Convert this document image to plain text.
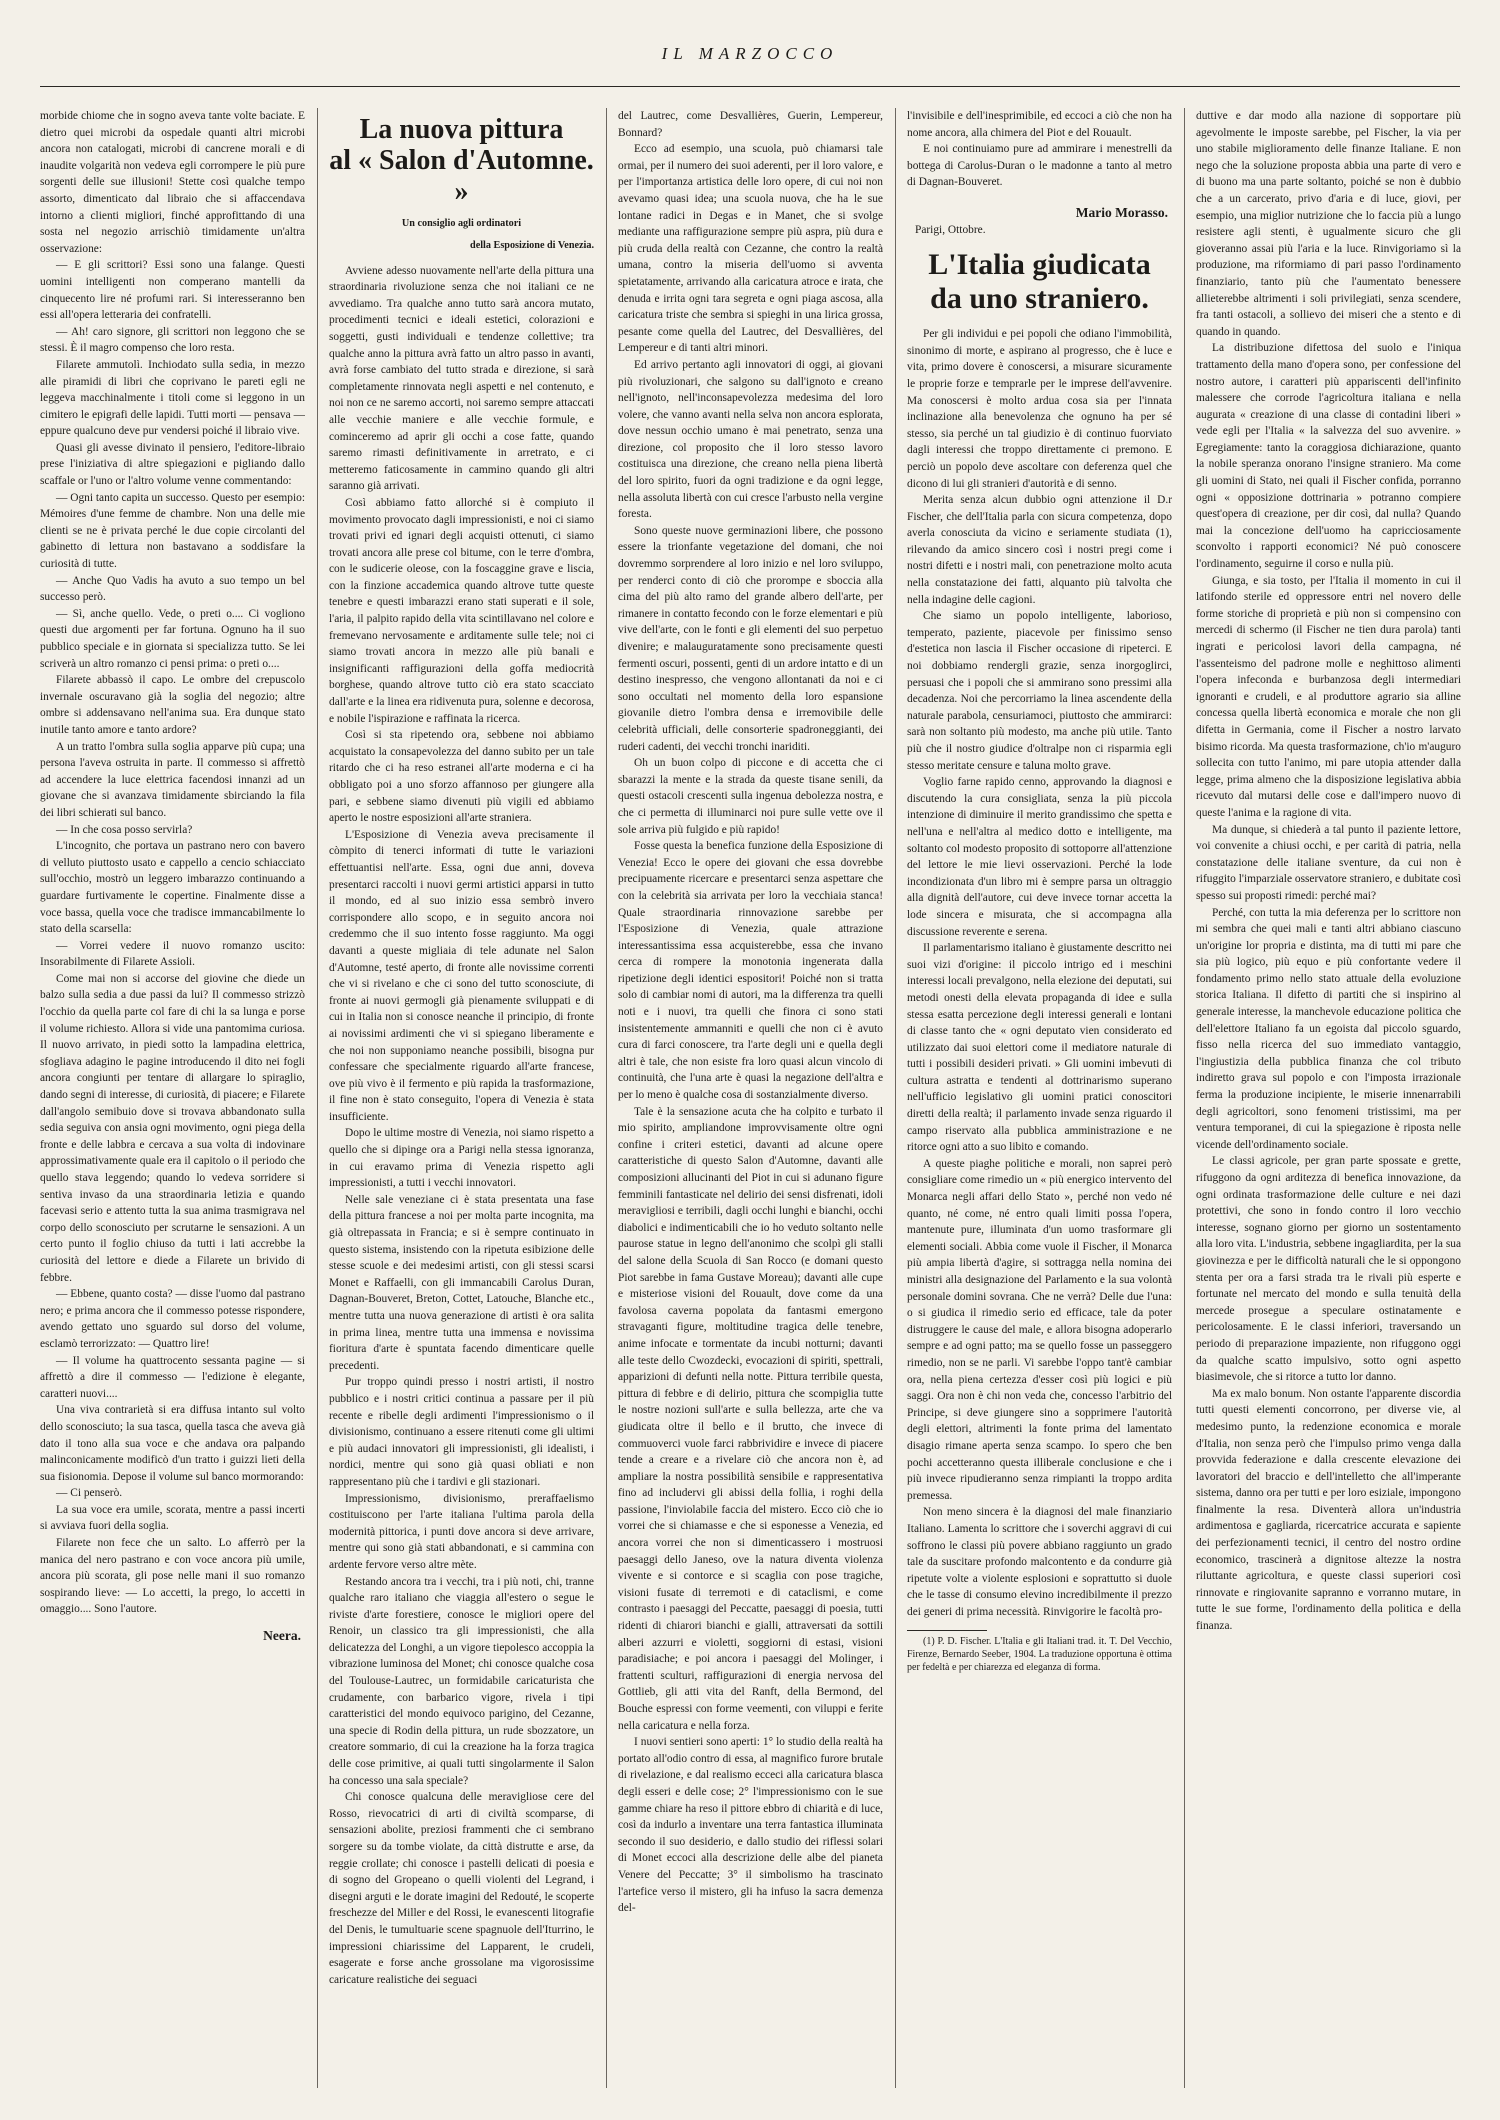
IL MARZOCCO

morbide chiome che in sogno aveva tante volte baciate. E dietro quei microbi da ospedale quanti altri microbi ancora non catalogati, microbi di cancrene morali e di inaudite volgarità non vedeva egli corrompere le più pure sorgenti delle sue illusioni! Stette così qualche tempo assorto, dimenticato dal libraio che si affaccendava intorno a clienti migliori, finché approfittando di una sosta nel negozio arrischiò timidamente un'altra osservazione:

— E gli scrittori? Essi sono una falange. Questi uomini intelligenti non comperano mantelli da cinquecento lire né profumi rari. Si interesseranno ben essi all'opera letteraria dei confratelli.

— Ah! caro signore, gli scrittori non leggono che se stessi. È il magro compenso che loro resta.

Filarete ammutolì. Inchiodato sulla sedia, in mezzo alle piramidi di libri che coprivano le pareti egli ne leggeva macchinalmente i titoli come si leggono in un cimitero le epigrafi delle lapidi. Tutti morti — pensava — eppure qualcuno deve pur vendersi poiché il libraio vive.

Quasi gli avesse divinato il pensiero, l'editore-libraio prese l'iniziativa di altre spiegazioni e pigliando dallo scaffale or l'uno or l'altro volume venne commentando:

— Ogni tanto capita un successo. Questo per esempio: Mémoires d'une femme de chambre. Non una delle mie clienti se ne è privata perché le due copie circolanti del gabinetto di lettura non bastavano a soddisfare la curiosità di tutte.

— Anche Quo Vadis ha avuto a suo tempo un bel successo però.

— Sì, anche quello. Vede, o preti o.... Ci vogliono questi due argomenti per far fortuna. Ognuno ha il suo pubblico speciale e in giornata si specializza tutto. Se lei scriverà un altro romanzo ci pensi prima: o preti o....

Filarete abbassò il capo. Le ombre del crepuscolo invernale oscuravano già la soglia del negozio; altre ombre si addensavano nell'anima sua. Era dunque stato inutile tanto amore e tanto ardore?

A un tratto l'ombra sulla soglia apparve più cupa; una persona l'aveva ostruita in parte. Il commesso si affrettò ad accendere la luce elettrica facendosi innanzi ad un giovane che si avanzava timidamente sbirciando la fila dei libri schierati sul banco.

— In che cosa posso servirla?

L'incognito, che portava un pastrano nero con bavero di velluto piuttosto usato e cappello a cencio schiacciato sull'occhio, mostrò un leggero imbarazzo continuando a guardare furtivamente le copertine. Finalmente disse a voce bassa, quella voce che tradisce immancabilmente lo stato della scarsella:

— Vorrei vedere il nuovo romanzo uscito: Insorabilmente di Filarete Assioli.

Come mai non si accorse del giovine che diede un balzo sulla sedia a due passi da lui? Il commesso strizzò l'occhio da quella parte col fare di chi la sa lunga e porse il volume richiesto. Allora si vide una pantomima curiosa. Il nuovo arrivato, in piedi sotto la lampadina elettrica, sfogliava adagino le pagine introducendo il dito nei fogli ancora congiunti per tentare di allargare lo spiraglio, dando segni di interesse, di curiosità, di piacere; e Filarete dall'angolo semibuio dove si trovava abbandonato sulla sedia seguiva con ansia ogni movimento, ogni piega della fronte e delle labbra e cercava a sua volta di indovinare approssimativamente quale era il capitolo o il periodo che quello stava leggendo; quando lo vedeva sorridere si sentiva invaso da una straordinaria letizia e quando facevasi serio e attento tutta la sua anima trasmigrava nel corpo dello sconosciuto per scrutarne le sensazioni. A un certo punto il foglio chiuso da tutti i lati accrebbe la curiosità del lettore e diede a Filarete un brivido di febbre.

— Ebbene, quanto costa? — disse l'uomo dal pastrano nero; e prima ancora che il commesso potesse rispondere, avendo gettato uno sguardo sul dorso del volume, esclamò terrorizzato: — Quattro lire!

— Il volume ha quattrocento sessanta pagine — si affrettò a dire il commesso — l'edizione è elegante, caratteri nuovi....

Una viva contrarietà si era diffusa intanto sul volto dello sconosciuto; la sua tasca, quella tasca che aveva già dato il tono alla sua voce e che andava ora palpando malinconicamente modificò d'un tratto i guizzi lieti della sua fisionomia. Depose il volume sul banco mormorando:

— Ci penserò.

La sua voce era umile, scorata, mentre a passi incerti si avviava fuori della soglia.

Filarete non fece che un salto. Lo afferrò per la manica del nero pastrano e con voce ancora più umile, ancora più scorata, gli pose nelle mani il suo romanzo sospirando lieve: — Lo accetti, la prego, lo accetti in omaggio.... Sono l'autore.

Neera.
La nuova pittura
al « Salon d'Automne. »
Un consiglio agli ordinatori
della Esposizione di Venezia.

Avviene adesso nuovamente nell'arte della pittura una straordinaria rivoluzione senza che noi italiani ce ne avvediamo. Tra qualche anno tutto sarà ancora mutato, procedimenti tecnici e ideali estetici, colorazioni e soggetti, gusti individuali e tendenze collettive; tra qualche anno la pittura avrà fatto un altro passo in avanti, avrà forse cambiato del tutto strada e direzione, si sarà completamente rinnovata negli aspetti e nel contenuto, e noi non ce ne saremo accorti, noi saremo sempre attaccati alle vecchie maniere e alle vecchie formule, e cominceremo ad aprir gli occhi a cose fatte, quando saremo rimasti definitivamente in arretrato, e ci metteremo faticosamente in cammino quando gli altri saranno già arrivati.

Così abbiamo fatto allorché si è compiuto il movimento provocato dagli impressionisti, e noi ci siamo trovati privi ed ignari degli acquisti ottenuti, ci siamo trovati ancora alle prese col bitume, con le terre d'ombra, con le sudicerie oleose, con la foscaggine grave e liscia, con la finzione accademica quando altrove tutte queste tenebre e questi imbarazzi erano stati superati e il sole, l'aria, il palpito rapido della vita scintillavano nel colore e fremevano nervosamente e arditamente sulle tele; noi ci siamo trovati ancora in mezzo alle più banali e insignificanti raffigurazioni della goffa mediocrità borghese, quando altrove tutto ciò era stato scacciato dall'arte e la linea era ridivenuta pura, solenne e decorosa, e nobile l'ispirazione e raffinata la ricerca.

Così si sta ripetendo ora, sebbene noi abbiamo acquistato la consapevolezza del danno subito per un tale ritardo che ci ha reso estranei all'arte moderna e ci ha obbligato poi a uno sforzo affannoso per giungere alla pari, e sebbene siamo divenuti più vigili ed abbiamo aperto le nostre esposizioni all'arte straniera.

L'Esposizione di Venezia aveva precisamente il còmpito di tenerci informati di tutte le variazioni effettuantisi nell'arte. Essa, ogni due anni, doveva presentarci raccolti i nuovi germi artistici apparsi in tutto il mondo, ed al suo inizio essa sembrò invero corrispondere allo scopo, e in seguito ancora noi credemmo che il suo intento fosse raggiunto. Ma oggi davanti a queste migliaia di tele adunate nel Salon d'Automne, testé aperto, di fronte alle novissime correnti che vi si rivelano e che ci sono del tutto sconosciute, di fronte ai nuovi germogli già pienamente sviluppati e di cui in Italia non si conosce neanche il principio, di fronte ai novissimi ardimenti che vi si spiegano liberamente e che noi non supponiamo neanche possibili, bisogna pur confessare che specialmente riguardo all'arte francese, ove più vivo è il fermento e più rapida la trasformazione, il fine non è stato conseguito, l'opera di Venezia è stata insufficiente.

Dopo le ultime mostre di Venezia, noi siamo rispetto a quello che si dipinge ora a Parigi nella stessa ignoranza, in cui eravamo prima di Venezia rispetto agli impressionisti, a tutti i vecchi innovatori.

Nelle sale veneziane ci è stata presentata una fase della pittura francese a noi per molta parte incognita, ma già oltrepassata in Francia; e si è sempre continuato in questo sistema, insistendo con la ripetuta esibizione delle stesse scuole e dei medesimi artisti, con gli stessi scarsi Monet e Raffaelli, con gli immancabili Carolus Duran, Dagnan-Bouveret, Breton, Cottet, Latouche, Blanche etc., mentre tutta una nuova generazione di artisti è ora salita in prima linea, mentre tutta una immensa e novissima fioritura d'arte è spuntata facendo dimenticare quelle precedenti.

Pur troppo quindi presso i nostri artisti, il nostro pubblico e i nostri critici continua a passare per il più recente e ribelle degli ardimenti l'impressionismo o il divisionismo, continuano a essere ritenuti come gli ultimi e più audaci innovatori gli impressionisti, gli idealisti, i nordici, mentre qui sono già quasi obliati e non rappresentano più che i tardivi e gli stazionari.

Impressionismo, divisionismo, preraffaelismo costituiscono per l'arte italiana l'ultima parola della modernità pittorica, i punti dove ancora si deve arrivare, mentre qui sono già stati abbandonati, e si cammina con ardente fervore verso altre mète.

Restando ancora tra i vecchi, tra i più noti, chi, tranne qualche raro italiano che viaggia all'estero o segue le riviste d'arte forestiere, conosce le migliori opere del Renoir, un classico tra gli impressionisti, che alla delicatezza del Longhi, a un vigore tiepolesco accoppia la vibrazione luminosa del Monet; chi conosce qualche cosa del Toulouse-Lautrec, un formidabile caricaturista che crudamente, con barbarico vigore, rivela i tipi caratteristici del mondo equivoco parigino, del Cezanne, una specie di Rodin della pittura, un rude sbozzatore, un creatore sommario, di cui la creazione ha la forza tragica delle cose primitive, ai quali tutti singolarmente il Salon ha concesso una sala speciale?

Chi conosce qualcuna delle meravigliose cere del Rosso, rievocatrici di arti di civiltà scomparse, di sensazioni abolite, preziosi frammenti che ci sembrano sorgere su da tombe violate, da città distrutte e arse, da reggie crollate; chi conosce i pastelli delicati di poesia e di sogno del Gropeano o quelli violenti del Legrand, i disegni arguti e le dorate imagini del Redouté, le scoperte freschezze del Miller e del Rossi, le evanescenti litografie del Denis, le tumultuarie scene spagnuole dell'Iturrino, le impressioni chiarissime del Lapparent, le crudeli, esagerate e forse anche grossolane ma vigorosissime caricature realistiche dei seguaci

del Lautrec, come Desvallières, Guerin, Lempereur, Bonnard?

Ecco ad esempio, una scuola, può chiamarsi tale ormai, per il numero dei suoi aderenti, per il loro valore, e per l'importanza artistica delle loro opere, di cui noi non avevamo quasi idea; una scuola nuova, che ha le sue lontane radici in Degas e in Manet, che si svolge mediante una raffigurazione sempre più aspra, più dura e più cruda della realtà con Cezanne, che contro la realtà umana, contro la miseria dell'uomo si avventa spietatamente, arrivando alla caricatura atroce e irata, che denuda e irrita ogni tara segreta e ogni piaga ascosa, alla caricatura triste che sembra si spieghi in una lirica grossa, pesante come quella del Lautrec, del Desvallières, del Lempereur e di tanti altri minori.

Ed arrivo pertanto agli innovatori di oggi, ai giovani più rivoluzionari, che salgono su dall'ignoto e creano nell'ignoto, nell'inconsapevolezza medesima del loro volere, che vanno avanti nella selva non ancora esplorata, dove nessun occhio umano è mai penetrato, senza una direzione, col proposito che il loro stesso lavoro costituisca una direzione, che creano nella piena libertà del loro spirito, fuori da ogni tradizione e da ogni legge, nella assoluta libertà con cui cresce l'arbusto nella vergine foresta.

Sono queste nuove germinazioni libere, che possono essere la trionfante vegetazione del domani, che noi dovremmo sorprendere al loro inizio e nel loro sviluppo, per renderci conto di ciò che prorompe e sboccia alla cima del più alto ramo del grande albero dell'arte, per rimanere in contatto fecondo con le forze elementari e più vive dell'arte, con le fonti e gli elementi del suo perpetuo divenire; e malauguratamente sono precisamente questi fermenti oscuri, possenti, genti di un ardore intatto e di un destino inespresso, che vengono allontanati da noi e ci sono occultati nel momento della loro espansione giovanile dietro l'ombra densa e irremovibile delle celebrità ufficiali, delle consorterie spadroneggianti, dei ruderi cadenti, dei vecchi tronchi inariditi.

Oh un buon colpo di piccone e di accetta che ci sbarazzi la mente e la strada da queste tisane senili, da questi ostacoli crescenti sulla ingenua debolezza nostra, e che ci permetta di illuminarci noi pure sulle vette ove il sole arriva più fulgido e più rapido!

Fosse questa la benefica funzione della Esposizione di Venezia! Ecco le opere dei giovani che essa dovrebbe precipuamente ricercare e presentarci senza aspettare che con la celebrità sia arrivata per loro la vecchiaia stanca! Quale straordinaria rinnovazione sarebbe per l'Esposizione di Venezia, quale attrazione interessantissima essa acquisterebbe, essa che invano cerca di rompere la monotonia ingenerata dalla ripetizione degli identici espositori! Poiché non si tratta solo di cambiar nomi di autori, ma la differenza tra quelli noti e i nuovi, tra quelli che finora ci sono stati insistentemente ammanniti e quelli che non ci è avuto cura di farci conoscere, tra l'arte degli uni e quella degli altri è tale, che non esiste fra loro quasi alcun vincolo di continuità, che l'una arte è quasi la negazione dell'altra e per lo meno è qualche cosa di sostanzialmente diverso.

Tale è la sensazione acuta che ha colpito e turbato il mio spirito, ampliandone improvvisamente oltre ogni confine i criteri estetici, davanti ad alcune opere caratteristiche di questo Salon d'Automne, davanti alle composizioni allucinanti del Piot in cui si adunano figure femminili fantasticate nel delirio dei sensi disfrenati, idoli meravigliosi e terribili, dagli occhi lunghi e bianchi, occhi diabolici e indimenticabili che io ho veduto soltanto nelle paurose statue in legno dell'anonimo che scolpì gli stalli del salone della Scuola di San Rocco (e domani questo Piot sarebbe in fama Gustave Moreau); davanti alle cupe e misteriose visioni del Rouault, dove come da una favolosa caverna popolata da fantasmi emergono stravaganti figure, moltitudine tragica delle tenebre, anime infocate e tormentate da incubi notturni; davanti alle teste dello Cwozdecki, evocazioni di spiriti, spettrali, apparizioni di defunti nella notte. Pittura terribile questa, pittura di febbre e di delirio, pittura che scompiglia tutte le nostre nozioni sull'arte e sulla bellezza, arte che va giudicata oltre il bello e il brutto, che invece di commuoverci vuole farci rabbrividire e invece di piacere tende a creare e a rivelare ciò che ancora non è, ad ampliare la nostra possibilità sensibile e rappresentativa fino ad includervi gli abissi della follia, i roghi della passione, l'inviolabile faccia del mistero. Ecco ciò che io vorrei che si chiamasse e che si esponesse a Venezia, ed ancora vorrei che non si dimenticassero i mostruosi paesaggi dello Janeso, ove la natura diventa violenza vivente e si contorce e si scaglia con pose tragiche, visioni fusate di terremoti e di cataclismi, e come contrasto i paesaggi del Peccatte, paesaggi di poesia, tutti ridenti di chiarori bianchi e gialli, attraversati da sottili alberi azzurri e violetti, soggiorni di estasi, visioni paradisiache; e poi ancora i paesaggi del Molinger, i frattenti sculturi, raffigurazioni di energia nervosa del Gottlieb, gli atti vita del Ranft, della Bermond, del Bouche espressi con forme veementi, con viluppi e ferite nella caricatura e nella forza.

I nuovi sentieri sono aperti: 1° lo studio della realtà ha portato all'odio contro di essa, al magnifico furore brutale di rivelazione, e dal realismo ecceci alla caricatura blasca degli esseri e delle cose; 2° l'impressionismo con le sue gamme chiare ha reso il pittore ebbro di chiarità e di luce, così da indurlo a inventare una terra fantastica illuminata secondo il suo desiderio, e dallo studio dei riflessi solari di Monet eccoci alla descrizione delle albe del pianeta Venere del Peccatte; 3° il simbolismo ha trascinato l'artefice verso il mistero, gli ha infuso la sacra demenza del-

l'invisibile e dell'inesprimibile, ed eccoci a ciò che non ha nome ancora, alla chimera del Piot e del Rouault.

E noi continuiamo pure ad ammirare i menestrelli da bottega di Carolus-Duran o le madonne a tanto al metro di Dagnan-Bouveret.

Mario Morasso.
Parigi, Ottobre.
L'Italia giudicata
da uno straniero.

Per gli individui e pei popoli che odiano l'immobilità, sinonimo di morte, e aspirano al progresso, che è luce e vita, primo dovere è conoscersi, a misurare sicuramente le proprie forze e temprarle per le imprese dell'avvenire. Ma conoscersi è molto ardua cosa sia per l'innata inclinazione alla benevolenza che ognuno ha per sé stesso, sia perché un tal giudizio è di continuo fuorviato dagli interessi che troppo direttamente ci premono. E perciò un popolo deve ascoltare con deferenza quel che dicono di lui gli stranieri d'autorità e di senno.

Merita senza alcun dubbio ogni attenzione il D.r Fischer, che dell'Italia parla con sicura competenza, dopo averla conosciuta da vicino e seriamente studiata (1), rilevando da amico sincero così i nostri pregi come i nostri difetti e i nostri mali, con penetrazione molto acuta nella constatazione dei fatti, alquanto più talvolta che nella indagine delle cagioni.

Che siamo un popolo intelligente, laborioso, temperato, paziente, piacevole per finissimo senso d'estetica non lascia il Fischer occasione di ripeterci. E noi dobbiamo rendergli grazie, senza inorgoglirci, persuasi che i popoli che si ammirano sono pressimi alla decadenza. Noi che percorriamo la linea ascendente della naturale parabola, censuriamoci, piuttosto che ammirarci: sarà non soltanto più modesto, ma anche più utile. Tanto più che il nostro giudice d'oltralpe non ci risparmia egli stesso meritate censure e taluna molto grave.

Voglio farne rapido cenno, approvando la diagnosi e discutendo la cura consigliata, senza la più piccola intenzione di diminuire il merito grandissimo che spetta e nell'una e nell'altra al medico dotto e intelligente, ma soltanto col modesto proposito di sottoporre all'attenzione del lettore le mie lievi osservazioni. Perché la lode incondizionata d'un libro mi è sempre parsa un oltraggio alla dignità dell'autore, cui deve invece tornar accetta la lode sincera e misurata, che si accompagna alla discussione reverente e serena.

Il parlamentarismo italiano è giustamente descritto nei suoi vizi d'origine: il piccolo intrigo ed i meschini interessi locali prevalgono, nella elezione dei deputati, sui metodi onesti della elevata propaganda di idee e sulla stessa esatta percezione degli interessi generali e lontani di classe tanto che « ogni deputato vien considerato ed utilizzato dai suoi elettori come il mediatore naturale di tutti i possibili desideri privati. » Gli uomini imbevuti di cultura astratta e tendenti al dottrinarismo superano nell'ufficio legislativo gli uomini pratici conoscitori diretti della realtà; il parlamento invade senza riguardo il campo riservato alla pubblica amministrazione e ne ritorce ogni atto a suo libito e comando.

A queste piaghe politiche e morali, non saprei però consigliare come rimedio un « più energico intervento del Monarca negli affari dello Stato », perché non vedo né quanto, né come, né entro quali limiti possa l'opera, mantenute pure, illuminata d'un uomo trasformare gli elementi sociali. Abbia come vuole il Fischer, il Monarca più ampia libertà d'agire, si sottragga nella nomina dei ministri alla designazione del Parlamento e la sua volontà personale domini sovrana. Che ne verrà? Delle due l'una: o si giudica il rimedio serio ed efficace, tale da poter distruggere le cause del male, e allora bisogna adoperarlo sempre e ad ogni patto; ma se quello fosse un passeggero rimedio, non se ne parli. Vi sarebbe l'oppo tant'è cambiar ora, nella piena certezza d'esser così più logici e più saggi. Ora non è chi non veda che, concesso l'arbitrio del Principe, si deve giungere sino a sopprimere l'autorità degli elettori, altrimenti la fonte prima del lamentato disagio rimane aperta senza scampo. Io spero che ben pochi accetteranno questa illiberale conclusione e che i più invece ripudieranno senza rimpianti la troppo ardita premessa.

Non meno sincera è la diagnosi del male finanziario Italiano. Lamenta lo scrittore che i soverchi aggravi di cui soffrono le classi più povere abbiano raggiunto un grado tale da suscitare profondo malcontento e da condurre già ripetute volte a violente esplosioni e soprattutto si duole che le tasse di consumo elevino incredibilmente il prezzo dei generi di prima necessità. Rinvigorire le facoltà pro-

(1) P. D. Fischer. L'Italia e gli Italiani trad. it. T. Del Vecchio, Firenze, Bernardo Seeber, 1904. La traduzione opportuna è ottima per fedeltà e per chiarezza ed eleganza di forma.

duttive e dar modo alla nazione di sopportare più agevolmente le imposte sarebbe, pel Fischer, la via per uno stabile miglioramento delle finanze Italiane. E non nego che la soluzione proposta abbia una parte di vero e di buono ma una parte soltanto, poiché se non è dubbio che a un carcerato, privo d'aria e di luce, giovi, per esempio, una miglior nutrizione che lo faccia più a lungo resistere agli stenti, è ugualmente sicuro che gli gioveranno assai più l'aria e la luce. Rinvigoriamo sì la produzione, ma riformiamo di pari passo l'ordinamento finanziario, tanto più che l'aumentato benessere allieterebbe altrimenti i soli privilegiati, senza scendere, fra tanti ostacoli, a sollievo dei miseri che a stento e di quando in quando.

La distribuzione difettosa del suolo e l'iniqua trattamento della mano d'opera sono, per confessione del nostro autore, i caratteri più appariscenti dell'infinito malessere che corrode l'agricoltura italiana e nella augurata « creazione di una classe di contadini liberi » vede egli per l'Italia « la salvezza del suo avvenire. » Egregiamente: tanto la coraggiosa dichiarazione, quanto la nobile speranza onorano l'insigne straniero. Ma come gli uomini di Stato, nei quali il Fischer confida, porranno ogni « opposizione dottrinaria » potranno compiere quest'opera di creazione, per dir così, dal nulla? Quando mai la concezione dell'uomo ha capricciosamente sconvolto i rapporti economici? Né può conoscere l'ordinamento, seguirne il corso e nulla più.

Giunga, e sia tosto, per l'Italia il momento in cui il latifondo sterile ed oppressore entri nel novero delle forme storiche di proprietà e più non si compensino con mercedi di schermo (il Fischer ne tien dura parola) tanti ingrati e pericolosi lavori della campagna, né l'assenteismo del padrone molle e neghittoso alimenti l'opera infeconda e burbanzosa degli intermediari ignoranti e crudeli, e al produttore agrario sia alline concessa quella libertà economica e morale che non gli difetta in Germania, come il Fischer a nostro larvato bisimo ricorda. Ma questa trasformazione, ch'io m'auguro sollecita con tutto l'animo, mi pare utopia attender dalla legge, prima almeno che la disposizione legislativa abbia ricevuto dal mutarsi delle cose e dall'impero nuovo di queste l'anima e la ragione di vita.

Ma dunque, si chiederà a tal punto il paziente lettore, voi convenite a chiusi occhi, e per carità di patria, nella constatazione delle italiane sventure, da cui non è rifuggito l'imparziale osservatore straniero, e dubitate così spesso sui proposti rimedi: perché mai?

Perché, con tutta la mia deferenza per lo scrittore non mi sembra che quei mali e tanti altri abbiano ciascuno un'origine lor propria e distinta, ma di tutti mi pare che sia più logico, più equo e più confortante vedere il fondamento primo nello stato attuale della evoluzione storica Italiana. Il difetto di partiti che si inspirino al generale interesse, la manchevole educazione politica che dell'elettore Italiano fa un egoista dal piccolo sguardo, fisso nella ricerca del suo immediato vantaggio, l'ingiustizia della pubblica finanza che col tributo indiretto grava sul popolo e con l'imposta irrazionale ferma la produzione incipiente, le miserie innenarrabili degli agricoltori, sono fenomeni tristissimi, ma per ventura temporanei, di cui la spiegazione è riposta nelle vicende dell'ordinamento sociale.

Le classi agricole, per gran parte spossate e grette, rifuggono da ogni arditezza di benefica innovazione, da ogni ordinata trasformazione delle culture e nei dazi protettivi, che sono in fondo contro il loro vecchio interesse, sognano giorno per giorno un sostentamento alla loro vita. L'industria, sebbene ingagliardita, per la sua giovinezza e per le difficoltà naturali che le si oppongono stenta per ora a farsi strada tra le rivali più esperte e fortunate nel mercato del mondo e sulla tenuità della mercede prosegue a speculare ostinatamente e pericolosamente. E le classi inferiori, traversando un periodo di preparazione impaziente, non rifuggono oggi da qualche scatto impulsivo, sotto ogni aspetto biasimevole, che si ritorce a tutto lor danno.

Ma ex malo bonum. Non ostante l'apparente discordia tutti questi elementi concorrono, per diverse vie, al medesimo punto, la redenzione economica e morale d'Italia, non senza però che l'impulso primo venga dalla provvida federazione e dalla crescente elevazione dei lavoratori del braccio e dell'intelletto che all'imperante sistema, danno ora per tutti e per loro esiziale, impongono finalmente la resa. Diventerà allora un'industria ardimentosa e gagliarda, ricercatrice accurata e sapiente dei perfezionamenti tecnici, il centro del nostro ordine economico, trascinerà a dignitose altezze la nostra riluttante agricoltura, e queste classi superiori così rinnovate e ringiovanite sapranno e vorranno mutare, in tutte le sue forme, l'ordinamento della politica e della finanza.
